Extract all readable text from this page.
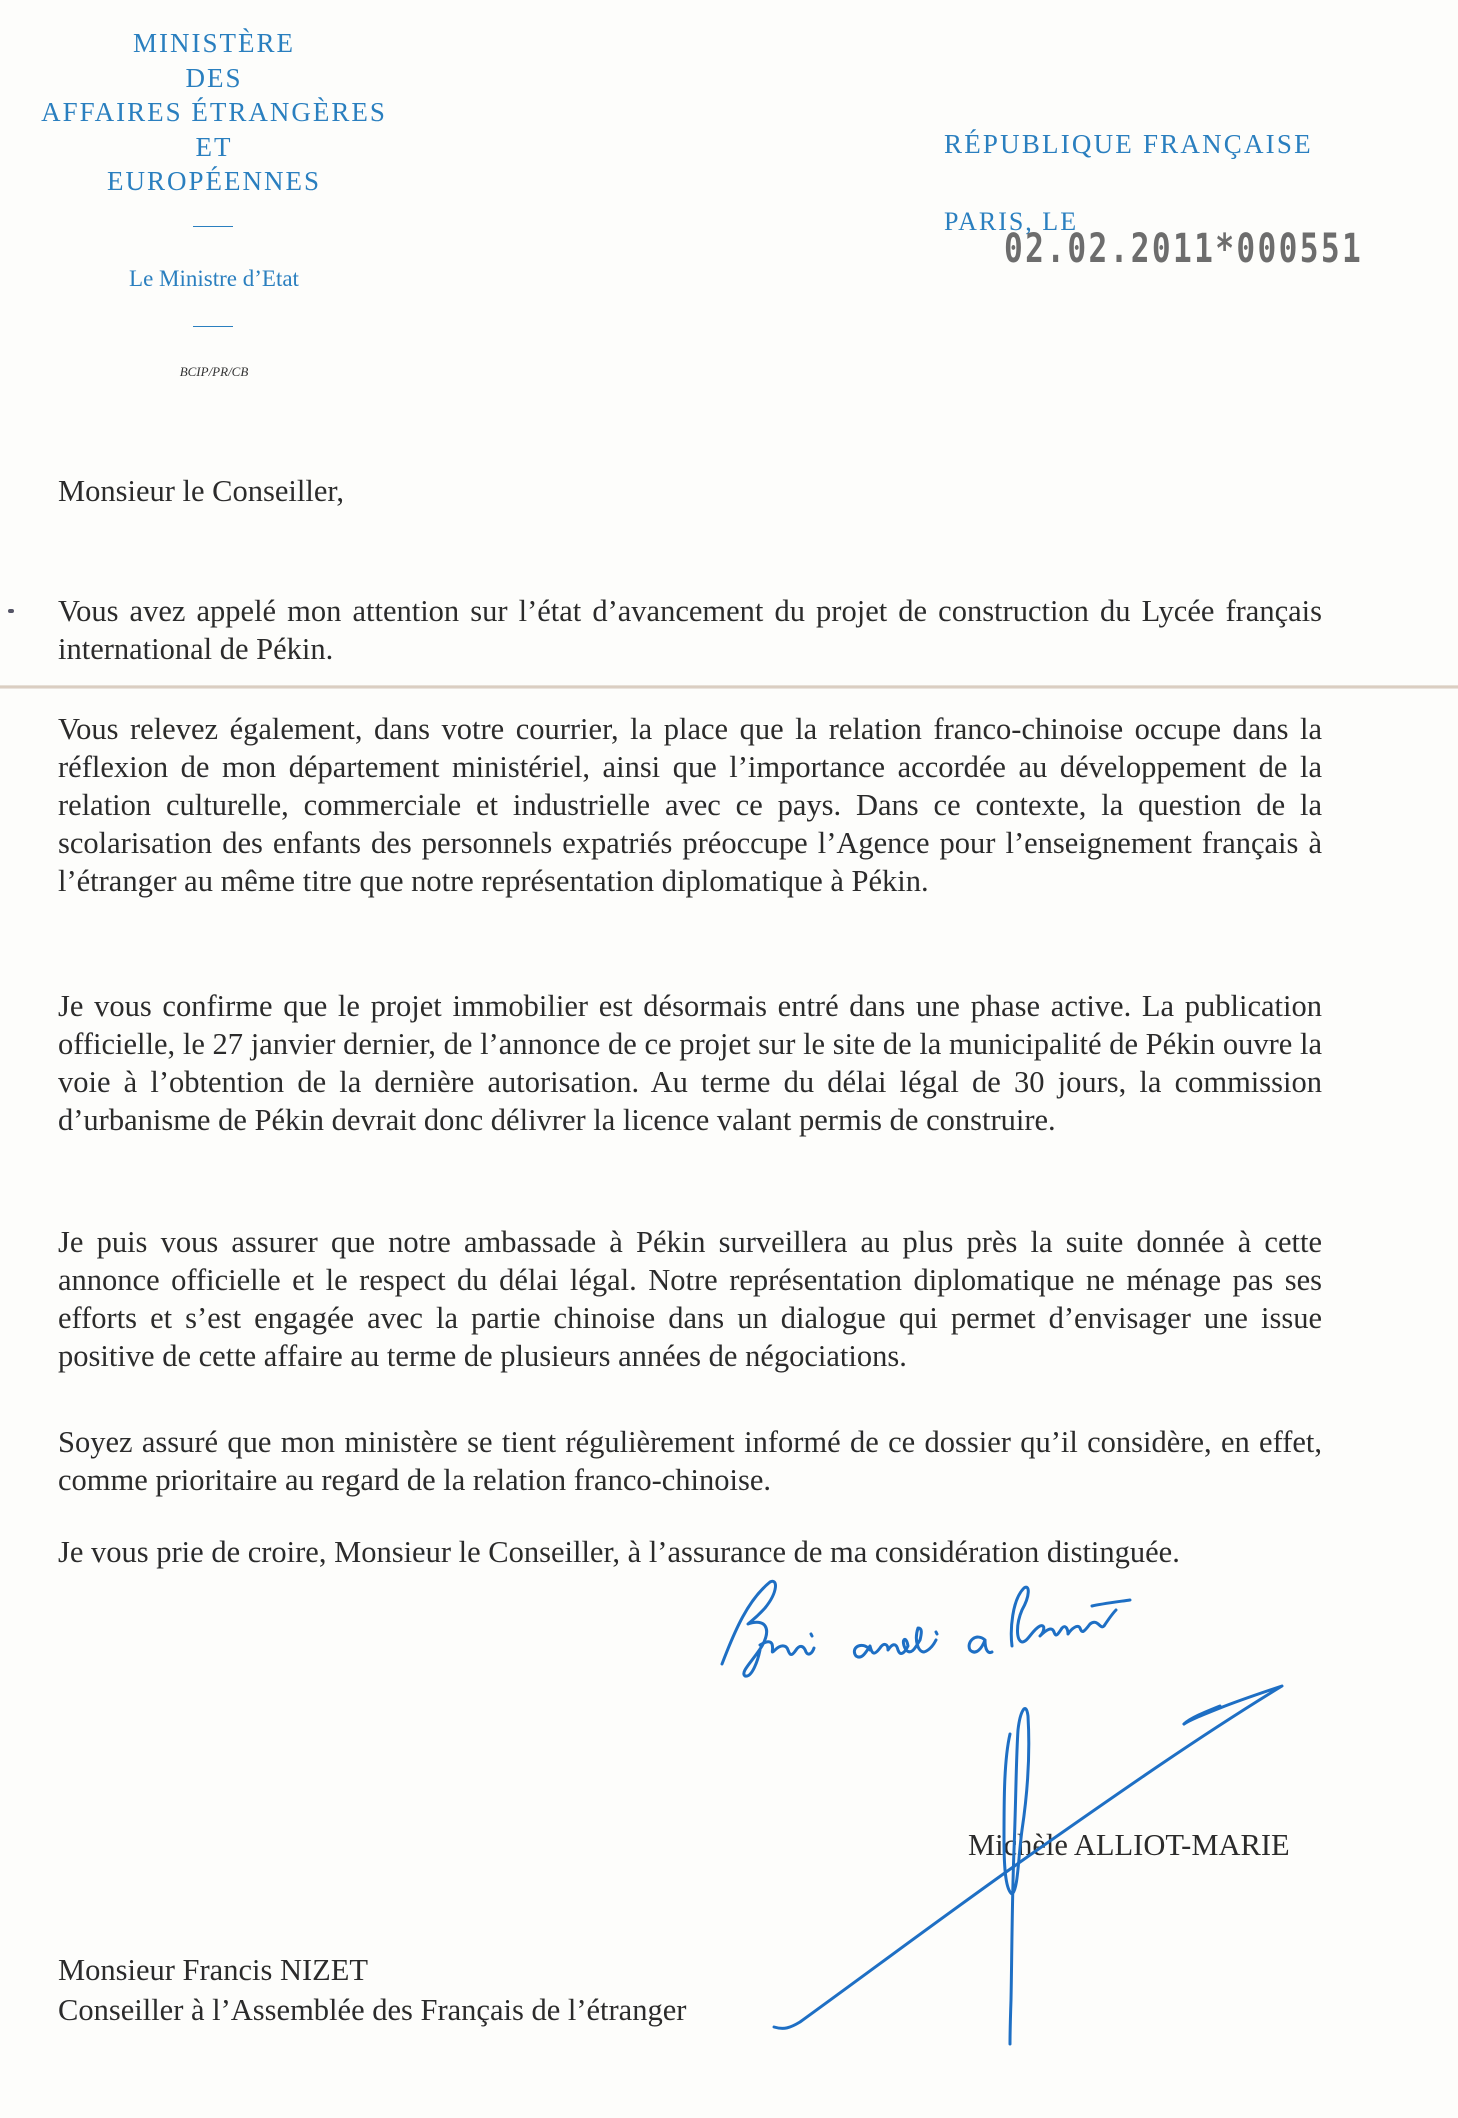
MINISTÈRE
DES
AFFAIRES ÉTRANGÈRES
ET
EUROPÉENNES
Le Ministre d’Etat
BCIP/PR/CB
RÉPUBLIQUE FRANÇAISE
PARIS, LE
02.02.2011*000551
Monsieur le Conseiller,
Vous avez appelé mon attention sur l’état d’avancement du projet de construction du Lycée français international de Pékin.
Vous relevez également, dans votre courrier, la place que la relation franco-chinoise occupe dans la réflexion de mon département ministériel, ainsi que l’importance accordée au développement de la relation culturelle, commerciale et industrielle avec ce pays. Dans ce contexte, la question de la scolarisation des enfants des personnels expatriés préoccupe l’Agence pour l’enseignement français à l’étranger au même titre que notre représentation diplomatique à Pékin.
Je vous confirme que le projet immobilier est désormais entré dans une phase active. La publication officielle, le 27 janvier dernier, de l’annonce de ce projet sur le site de la municipalité de Pékin ouvre la voie à l’obtention de la dernière autorisation. Au terme du délai légal de 30 jours, la commission d’urbanisme de Pékin devrait donc délivrer la licence valant permis de construire.
Je puis vous assurer que notre ambassade à Pékin surveillera au plus près la suite donnée à cette annonce officielle et le respect du délai légal. Notre représentation diplomatique ne ménage pas ses efforts et s’est engagée avec la partie chinoise dans un dialogue qui permet d’envisager une issue positive de cette affaire au terme de plusieurs années de négociations.
Soyez assuré que mon ministère se tient régulièrement informé de ce dossier qu’il considère, en effet, comme prioritaire au regard de la relation franco-chinoise.
Je vous prie de croire, Monsieur le Conseiller, à l’assurance de ma considération distinguée.
Michèle ALLIOT-MARIE
Monsieur Francis NIZET
Conseiller à l’Assemblée des Français de l’étranger
